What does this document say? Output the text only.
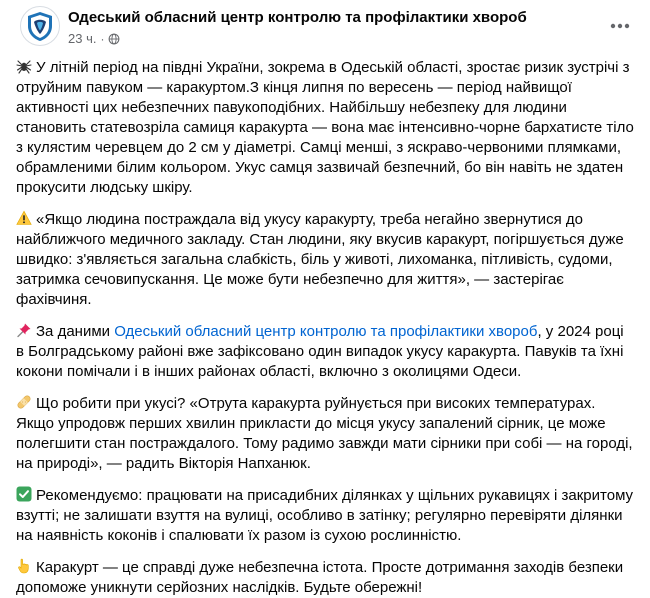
Одеський обласний центр контролю та профілактики хвороб
23 ч. ·

У літній період на півдні України, зокрема в Одеській області, зростає ризик зустрічі з отруйним павуком — каракуртом.З кінця липня по вересень — період найвищої активності цих небезпечних павукоподібних. Найбільшу небезпеку для людини становить статевозріла самиця каракурта — вона має інтенсивно-чорне бархатисте тіло з кулястим черевцем до 2 см у діаметрі. Самці менші, з яскраво-червоними плямками, обрамленими білим кольором. Укус самця зазвичай безпечний, бо він навіть не здатен прокусити людську шкіру.

«Якщо людина постраждала від укусу каракурту, треба негайно звернутися до найближчого медичного закладу. Стан людини, яку вкусив каракурт, погіршується дуже швидко: з'являється загальна слабкість, біль у животі, лихоманка, пітливість, судоми, затримка сечовипускання. Це може бути небезпечно для життя», — застерігає фахівчиня.

За даними Одеський обласний центр контролю та профілактики хвороб, у 2024 році в Болградському районі вже зафіксовано один випадок укусу каракурта. Павуків та їхні кокони помічали і в інших районах області, включно з околицями Одеси.

Що робити при укусі? «Отрута каракурта руйнується при високих температурах. Якщо упродовж перших хвилин прикласти до місця укусу запалений сірник, це може полегшити стан постраждалого. Тому радимо завжди мати сірники при собі — на городі, на природі», — радить Вікторія Напханюк.

Рекомендуємо: працювати на присадибних ділянках у щільних рукавицях і закритому взутті; не залишати взуття на вулиці, особливо в затінку; регулярно перевіряти ділянки на наявність коконів і спалювати їх разом із сухою рослинністю.

Каракурт — це справді дуже небезпечна істота. Просте дотримання заходів безпеки допоможе уникнути серйозних наслідків. Будьте обережні!
